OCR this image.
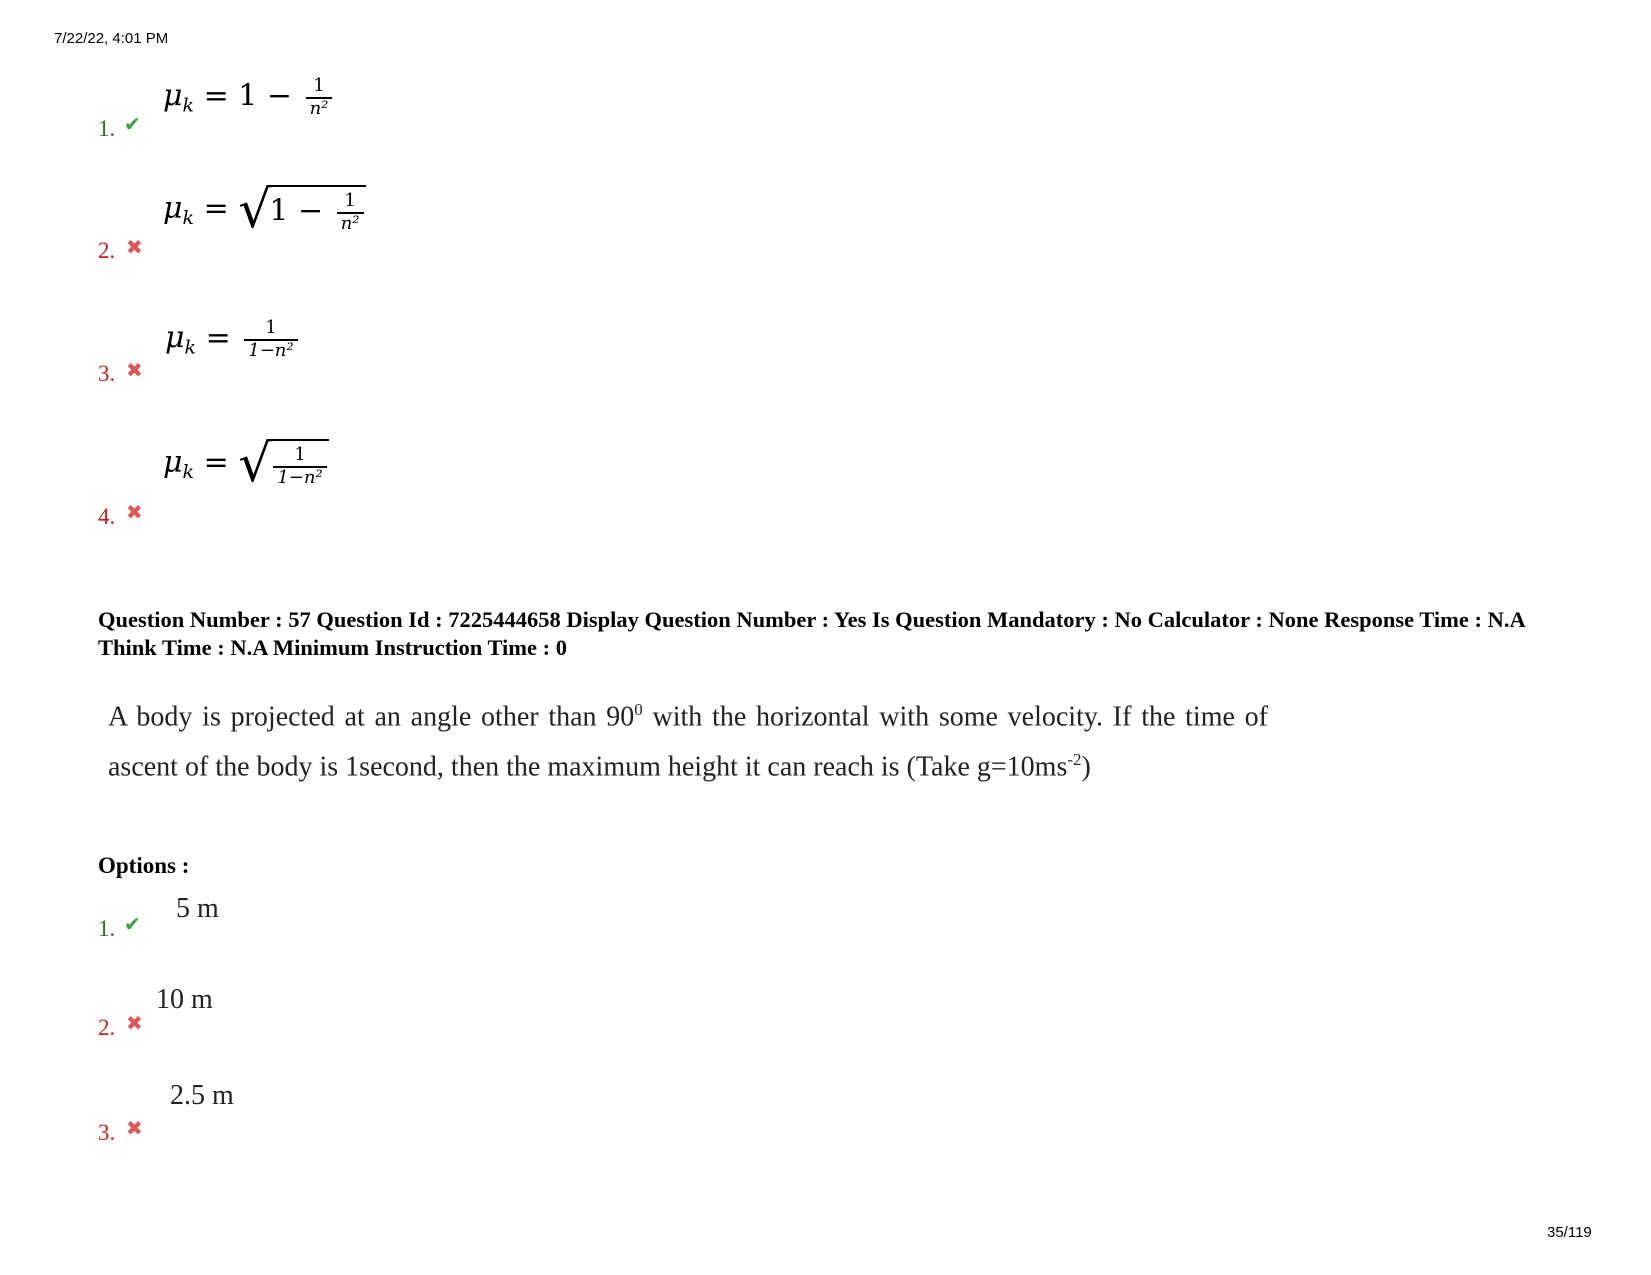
7/22/22, 4:01 PM
1. ✔
$\mu_k = 1 - \frac{1}{\text{n²}}$
2. ✖
$\mu_k = √1 - \frac{1}{\text{n²}}$
3. ✖
$\mu_k = \frac{1}{\text{1−n²}}$
4. ✖
$\mu_k$ = √ $\frac{1}{\text{1−n²}}$
Question Number : 57 Question Id : 7225444658 Display Question Number : Yes Is Question Mandatory : No Calculator : None Response Time : N.A Think Time : N.A Minimum Instruction Time : 0
A body is projected at an angle other than $90^0$ with the horizontal with some velocity. If the time of ascent of the body is 1second, then the maximum height it can reach is (Take $g=10ms^{-2}$)
Options :
1. ✔ 5 m
2. ✖
10 m
3. ✖
2.5 m
35/119
